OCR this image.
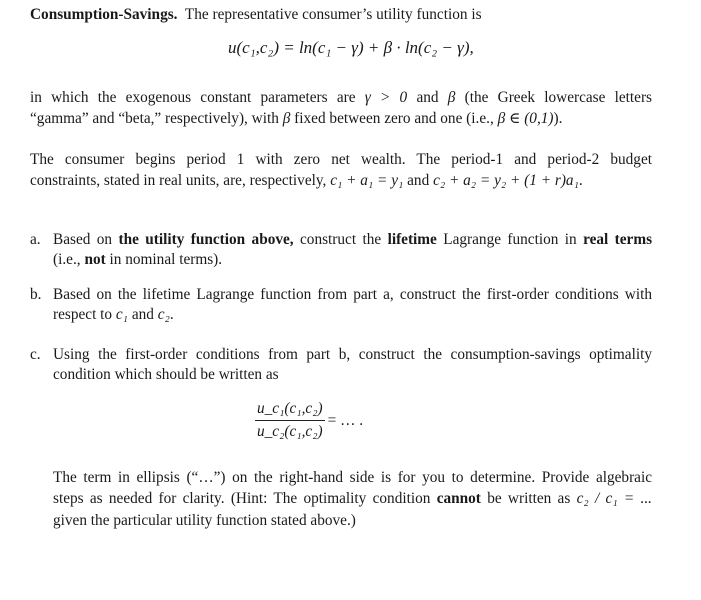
Consumption-Savings. The representative consumer’s utility function is
u(c₁,c₂) = ln(c₁ − γ) + β · ln(c₂ − γ),
in which the exogenous constant parameters are γ > 0 and β (the Greek lowercase letters
“gamma” and “beta,” respectively), with β fixed between zero and one (i.e., β ∈ (0,1)).
The consumer begins period 1 with zero net wealth. The period-1 and period-2 budget
constraints, stated in real units, are, respectively, c₁ + a₁ = y₁ and c₂ + a₂ = y₂ + (1 + r)a₁.
a. Based on the utility function above, construct the lifetime Lagrange function in real terms
(i.e., not in nominal terms).
b. Based on the lifetime Lagrange function from part a, construct the first-order conditions with
respect to c₁ and c₂.
c. Using the first-order conditions from part b, construct the consumption-savings optimality
condition which should be written as
$\frac{\text{u\_c₁(c₁,c₂)}}{\text{u\_c₂(c₁,c₂)}}$ = … .
The term in ellipsis (“…”) on the right-hand side is for you to determine. Provide algebraic
steps as needed for clarity. (Hint: The optimality condition cannot be written as c₂ / c₁ = ...
given the particular utility function stated above.)
